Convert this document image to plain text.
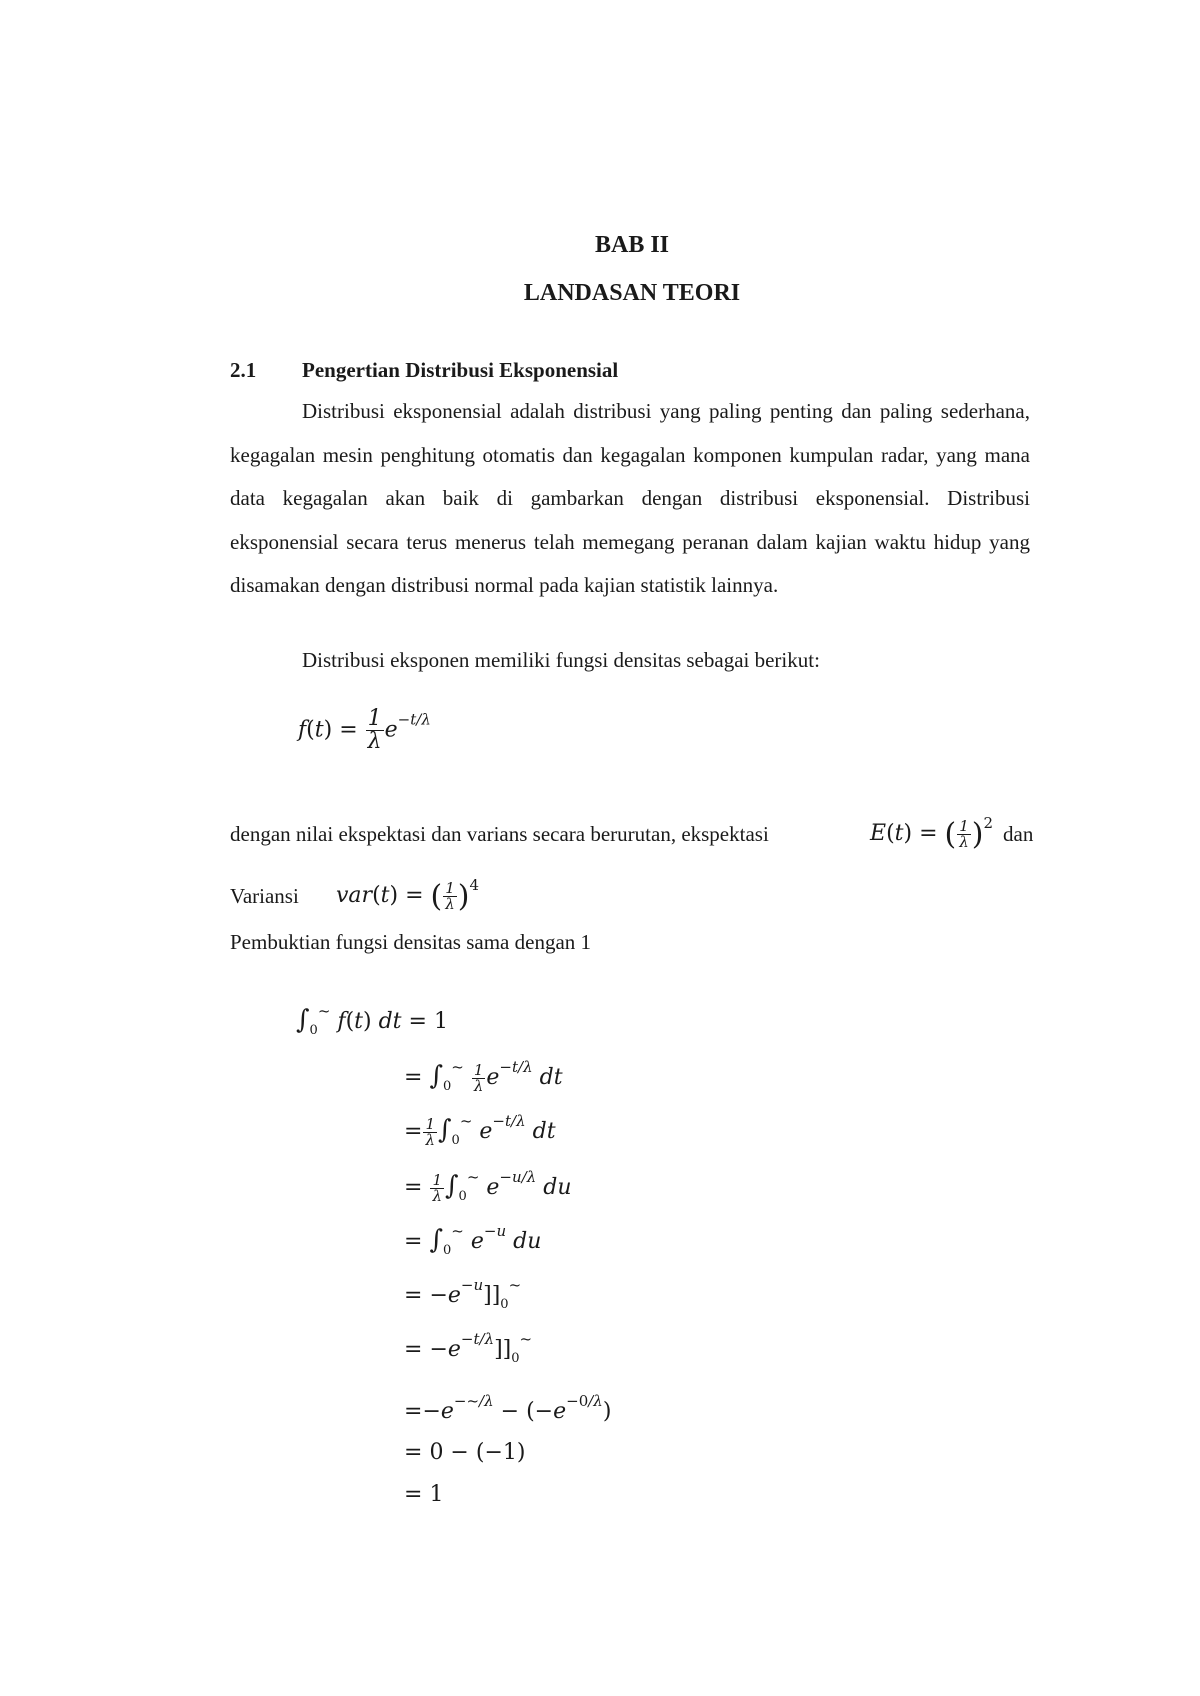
BAB II
LANDASAN TEORI
2.1 Pengertian Distribusi Eksponensial
Distribusi eksponensial adalah distribusi yang paling penting dan paling sederhana, kegagalan mesin penghitung otomatis dan kegagalan komponen kumpulan radar, yang mana data kegagalan akan baik di gambarkan dengan distribusi eksponensial. Distribusi eksponensial secara terus menerus telah memegang peranan dalam kajian waktu hidup yang disamakan dengan distribusi normal pada kajian statistik lainnya.
Distribusi eksponen memiliki fungsi densitas sebagai berikut:
$f(t) = \frac{1}{\lambda} e^{-t/\lambda}$
dengan nilai ekspektasi dan varians secara berurutan, ekspektasi	E(t) = ( $\frac{1}{\lambda} )^2$ dan
Variansi var(t) = ( $\frac{1}{\lambda} )^4$
Pembuktian fungsi densitas sama dengan 1
$\int_0^\sim$ f(t) dt = 1
= $\int_0^\sim \frac{1}{\lambda} e^{-t/\lambda}$ dt
= $\frac{1}{\lambda} \int_0^\sim$ $e^{-t/\lambda}$ dt
= $\frac{1}{\lambda} \int_0^\sim$ $e^{-u/\lambda}$ du
= $\int_0^\sim$ $e^{-u}$ du
= $-e^{-u}]]_0^\sim$
= $-e^{-t/\lambda}]]_0^\sim$
$=-e^{-\sim/\lambda} - (-e^{-0/\lambda})$
= 0 − (−1)
= 1
